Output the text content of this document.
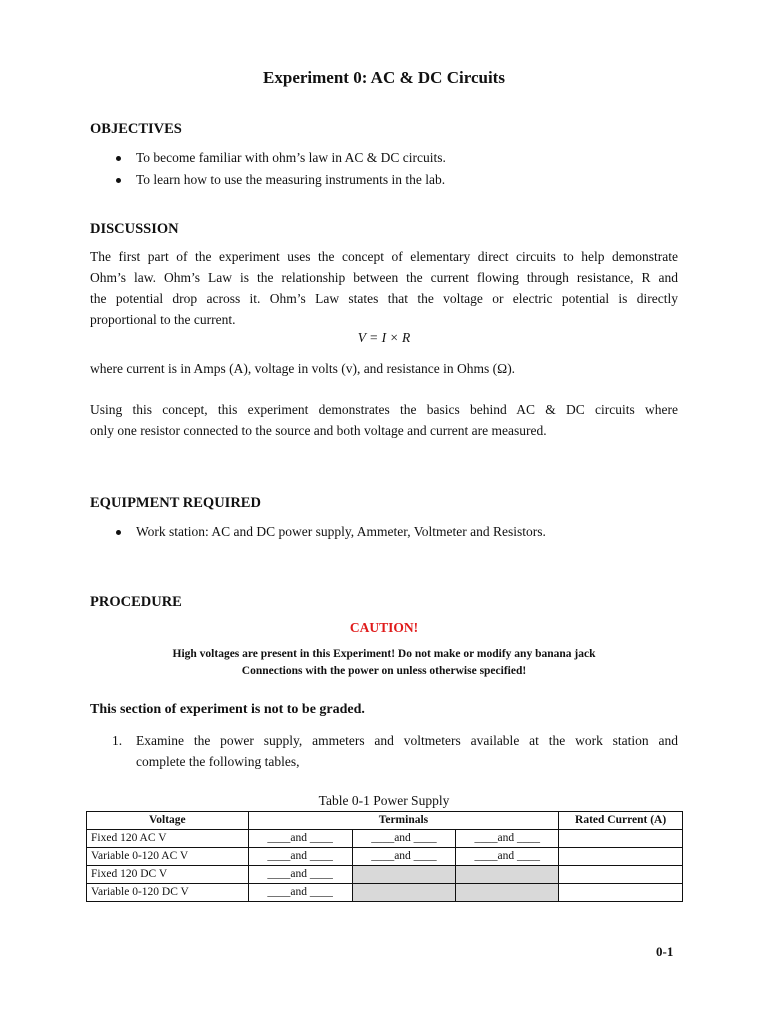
Experiment 0: AC & DC Circuits
OBJECTIVES
To become familiar with ohm’s law in AC & DC circuits.
To learn how to use the measuring instruments in the lab.
DISCUSSION
The first part of the experiment uses the concept of elementary direct circuits to help demonstrate
Ohm’s law. Ohm’s Law is the relationship between the current flowing through resistance, R and
the potential drop across it. Ohm’s Law states that the voltage or electric potential is directly
proportional to the current.
V = I × R
where current is in Amps (A), voltage in volts (v), and resistance in Ohms (Ω).
Using this concept, this experiment demonstrates the basics behind AC & DC circuits where
only one resistor connected to the source and both voltage and current are measured.
EQUIPMENT REQUIRED
Work station: AC and DC power supply, Ammeter, Voltmeter and Resistors.
PROCEDURE
CAUTION!
High voltages are present in this Experiment! Do not make or modify any banana jack
Connections with the power on unless otherwise specified!
This section of experiment is not to be graded.
1. Examine the power supply, ammeters and voltmeters available at the work station and
complete the following tables,
Table 0-1 Power Supply
Voltage	Terminals			Rated Current (A)
Fixed 120 AC V	____and ____	____and ____	____and ____	
Variable 0-120 AC V	____and ____	____and ____	____and ____	
Fixed 120 DC V	____and ____			
Variable 0-120 DC V	____and ____			
0-1
